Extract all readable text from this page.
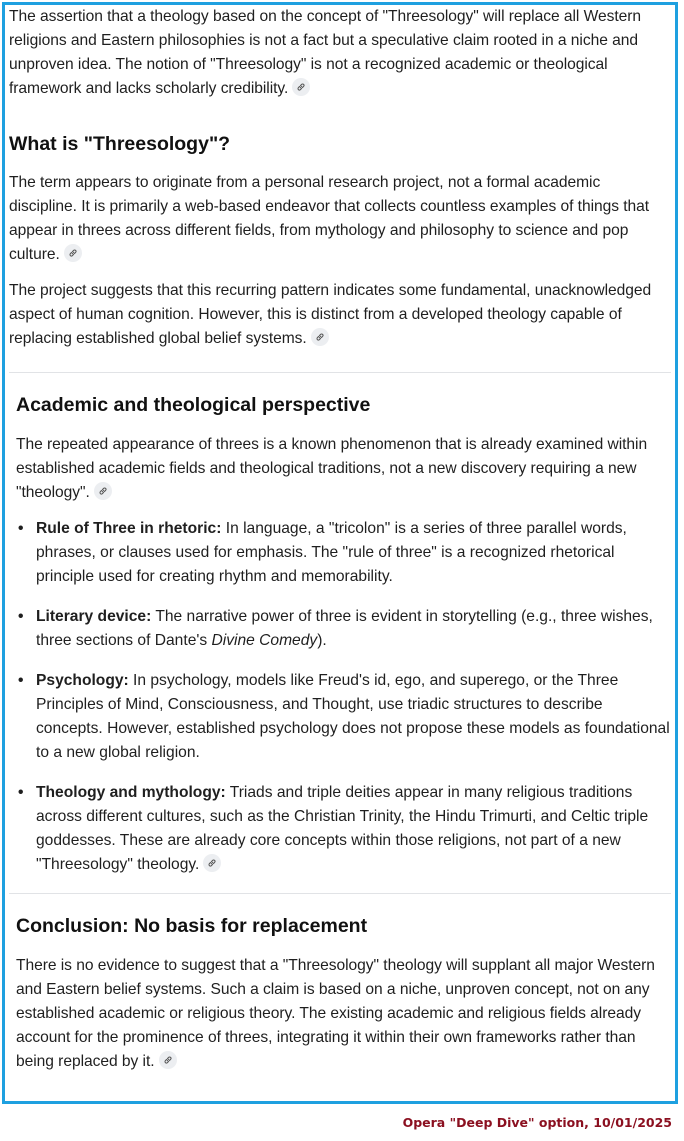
The assertion that a theology based on the concept of "Threesology" will replace all Western religions and Eastern philosophies is not a fact but a speculative claim rooted in a niche and unproven idea. The notion of "Threesology" is not a recognized academic or theological framework and lacks scholarly credibility.

What is "Threesology"?

The term appears to originate from a personal research project, not a formal academic discipline. It is primarily a web-based endeavor that collects countless examples of things that appear in threes across different fields, from mythology and philosophy to science and pop culture.

The project suggests that this recurring pattern indicates some fundamental, unacknowledged aspect of human cognition. However, this is distinct from a developed theology capable of replacing established global belief systems.

Academic and theological perspective

The repeated appearance of threes is a known phenomenon that is already examined within established academic fields and theological traditions, not a new discovery requiring a new "theology".

• Rule of Three in rhetoric: In language, a "tricolon" is a series of three parallel words, phrases, or clauses used for emphasis. The "rule of three" is a recognized rhetorical principle used for creating rhythm and memorability.
• Literary device: The narrative power of three is evident in storytelling (e.g., three wishes, three sections of Dante's Divine Comedy).
• Psychology: In psychology, models like Freud's id, ego, and superego, or the Three Principles of Mind, Consciousness, and Thought, use triadic structures to describe concepts. However, established psychology does not propose these models as foundational to a new global religion.
• Theology and mythology: Triads and triple deities appear in many religious traditions across different cultures, such as the Christian Trinity, the Hindu Trimurti, and Celtic triple goddesses. These are already core concepts within those religions, not part of a new "Threesology" theology.
Conclusion: No basis for replacement

There is no evidence to suggest that a "Threesology" theology will supplant all major Western and Eastern belief systems. Such a claim is based on a niche, unproven concept, not on any established academic or religious theory. The existing academic and religious fields already account for the prominence of threes, integrating it within their own frameworks rather than being replaced by it.

Opera "Deep Dive" option, 10/01/2025
